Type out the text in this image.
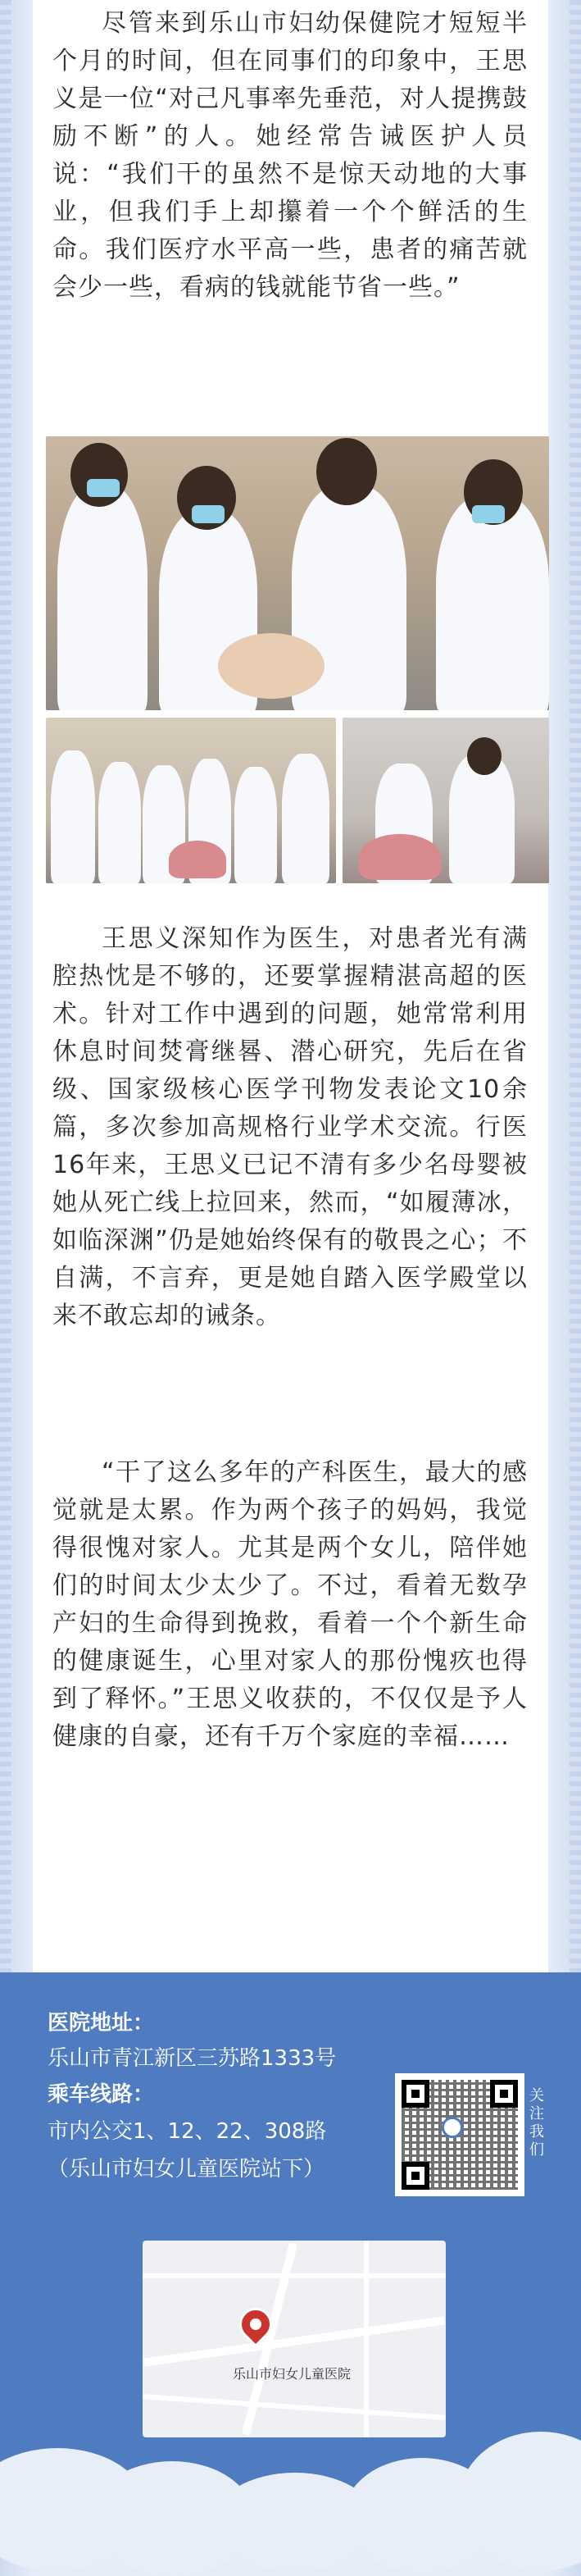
尽管来到乐山市妇幼保健院才短短半个月的时间，但在同事们的印象中，王思义是一位“对己凡事率先垂范，对人提携鼓励不断”的人。她经常告诫医护人员说：“我们干的虽然不是惊天动地的大事业，但我们手上却攥着一个个鲜活的生命。我们医疗水平高一些，患者的痛苦就会少一些，看病的钱就能节省一些。”

王思义深知作为医生，对患者光有满腔热忱是不够的，还要掌握精湛高超的医术。针对工作中遇到的问题，她常常利用休息时间焚膏继晷、潜心研究，先后在省级、国家级核心医学刊物发表论文10余篇，多次参加高规格行业学术交流。行医16年来，王思义已记不清有多少名母婴被她从死亡线上拉回来，然而，“如履薄冰，如临深渊”仍是她始终保有的敬畏之心；不自满，不言弃，更是她自踏入医学殿堂以来不敢忘却的诫条。

“干了这么多年的产科医生，最大的感觉就是太累。作为两个孩子的妈妈，我觉得很愧对家人。尤其是两个女儿，陪伴她们的时间太少太少了。不过，看着无数孕产妇的生命得到挽救，看着一个个新生命的健康诞生，心里对家人的那份愧疚也得到了释怀。”王思义收获的，不仅仅是予人健康的自豪，还有千万个家庭的幸福……

医院地址：
乐山市青江新区三苏路1333号
乘车线路：
市内公交1、12、22、308路
（乐山市妇女儿童医院站下）
关注我们
乐山市妇女儿童医院
